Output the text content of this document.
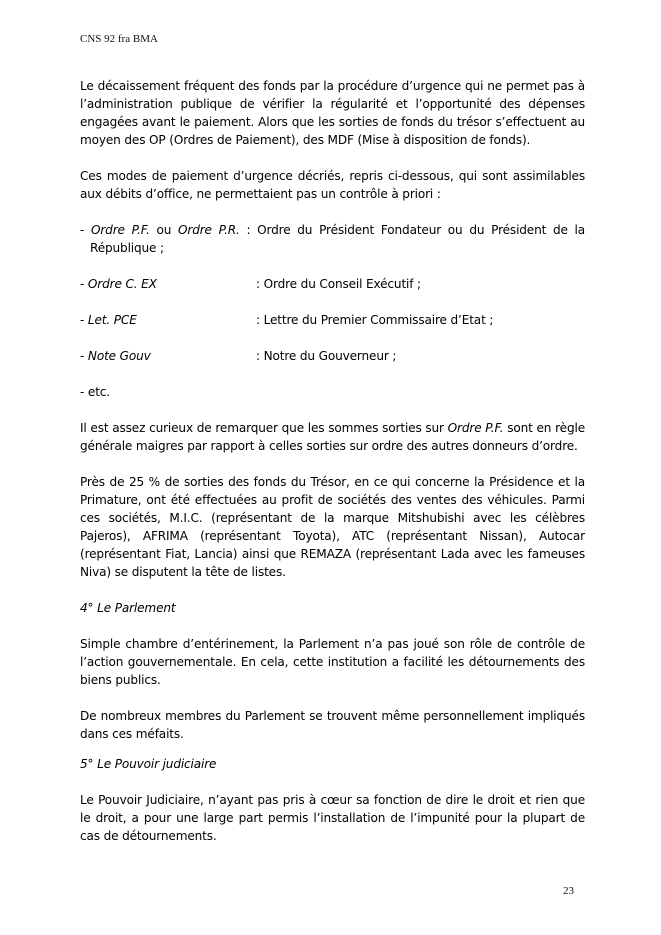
CNS 92 fra BMA

Le décaissement fréquent des fonds par la procédure d’urgence qui ne permet pas à l’administration publique de vérifier la régularité et l’opportunité des dépenses engagées avant le paiement. Alors que les sorties de fonds du trésor s’effectuent au moyen des OP (Ordres de Paiement), des MDF (Mise à disposition de fonds).

Ces modes de paiement d’urgence décriés, repris ci-dessous, qui sont assimilables aux débits d’office, ne permettaient pas un contrôle à priori :

- Ordre P.F. ou Ordre P.R. : Ordre du Président Fondateur ou du Président de la République ;

- Ordre C. EX	: Ordre du Conseil Exécutif ;
- Let. PCE	: Lettre du Premier Commissaire d’Etat ;
- Note Gouv	: Notre du Gouverneur ;

- etc.

Il est assez curieux de remarquer que les sommes sorties sur Ordre P.F. sont en règle générale maigres par rapport à celles sorties sur ordre des autres donneurs d’ordre.

Près de 25 % de sorties des fonds du Trésor, en ce qui concerne la Présidence et la Primature, ont été effectuées au profit de sociétés des ventes des véhicules. Parmi ces sociétés, M.I.C. (représentant de la marque Mitshubishi avec les célèbres Pajeros), AFRIMA (représentant Toyota), ATC (représentant Nissan), Autocar (représentant Fiat, Lancia) ainsi que REMAZA (représentant Lada avec les fameuses Niva) se disputent la tête de listes.

4° Le Parlement

Simple chambre d’entérinement, la Parlement n’a pas joué son rôle de contrôle de l’action gouvernementale. En cela, cette institution a facilité les détournements des biens publics.

De nombreux membres du Parlement se trouvent même personnellement impliqués dans ces méfaits.

5° Le Pouvoir judiciaire

Le Pouvoir Judiciaire, n’ayant pas pris à cœur sa fonction de dire le droit et rien que le droit, a pour une large part permis l’installation de l’impunité pour la plupart de cas de détournements.

23
